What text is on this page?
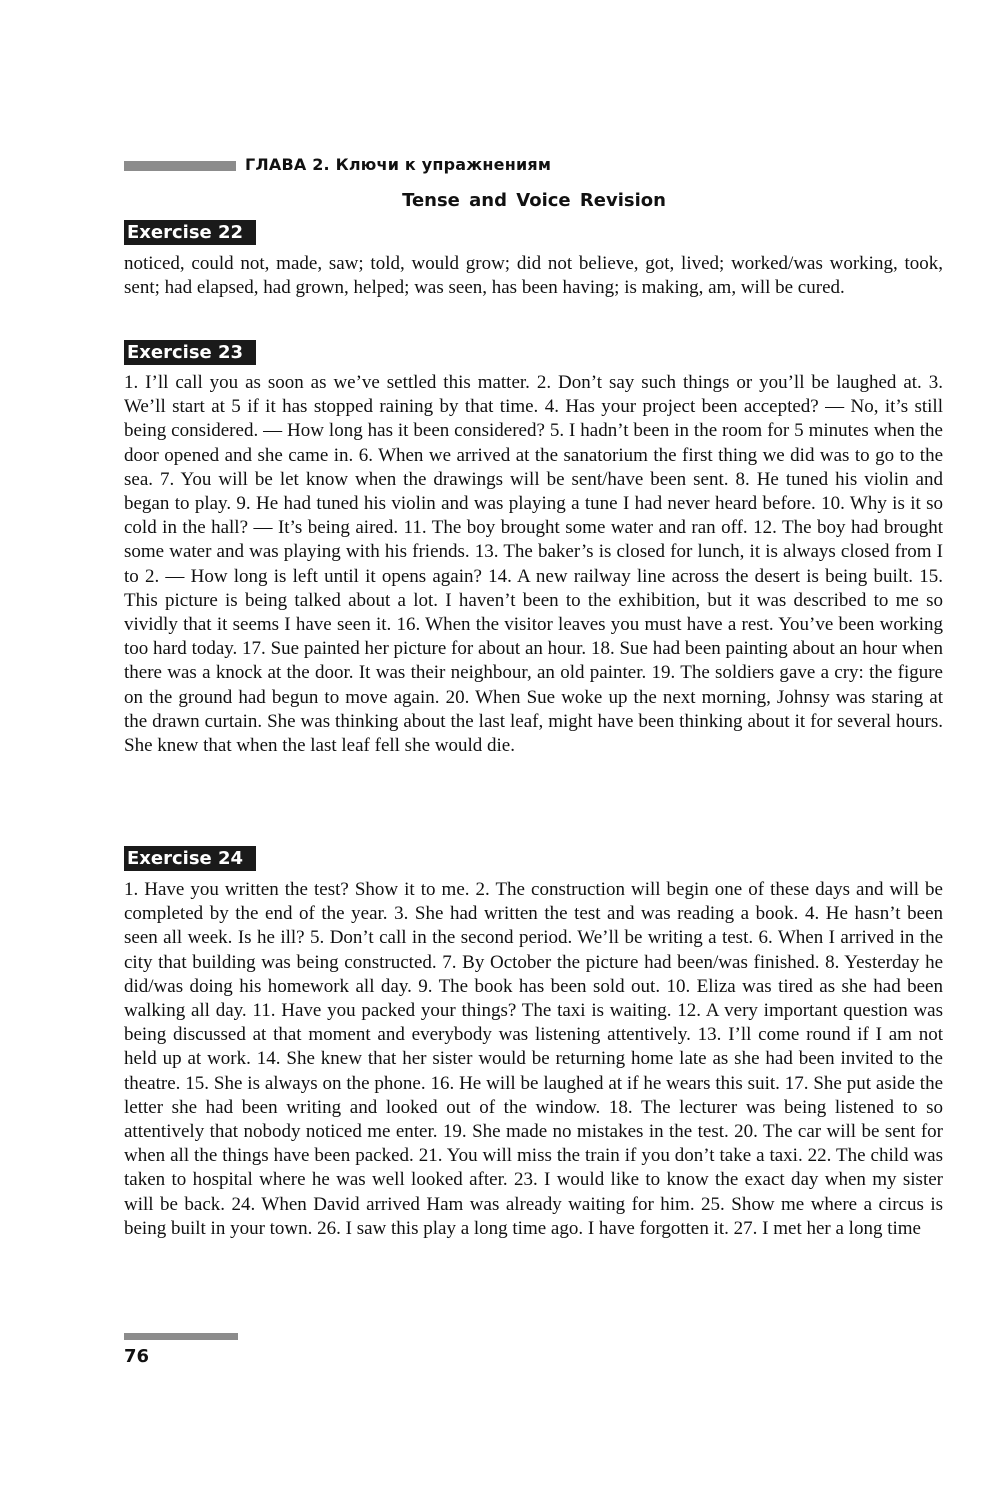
ГЛАВА 2. Ключи к упражнениям
Tense and Voice Revision
Exercise 22

noticed, could not, made, saw; told, would grow; did not believe, got, lived; worked/was working, took, sent; had elapsed, had grown, helped; was seen, has been having; is making, am, will be cured.

Exercise 23

1. I’ll call you as soon as we’ve settled this matter. 2. Don’t say such things or you’ll be laughed at. 3. We’ll start at 5 if it has stopped raining by that time. 4. Has your project been accepted? — No, it’s still being considered. — How long has it been considered? 5. I hadn’t been in the room for 5 minutes when the door opened and she came in. 6. When we arrived at the sanatorium the first thing we did was to go to the sea. 7. You will be let know when the drawings will be sent/have been sent. 8. He tuned his violin and began to play. 9. He had tuned his violin and was playing a tune I had never heard before. 10. Why is it so cold in the hall? — It’s being aired. 11. The boy brought some water and ran off. 12. The boy had brought some water and was playing with his friends. 13. The baker’s is closed for lunch, it is always closed from I to 2. — How long is left until it opens again? 14. A new railway line across the desert is being built. 15. This picture is being talked about a lot. I haven’t been to the exhibition, but it was described to me so vividly that it seems I have seen it. 16. When the visitor leaves you must have a rest. You’ve been working too hard today. 17. Sue painted her picture for about an hour. 18. Sue had been painting about an hour when there was a knock at the door. It was their neighbour, an old painter. 19. The soldiers gave a cry: the figure on the ground had begun to move again. 20. When Sue woke up the next morning, Johnsy was staring at the drawn curtain. She was thinking about the last leaf, might have been thinking about it for several hours. She knew that when the last leaf fell she would die.

Exercise 24

1. Have you written the test? Show it to me. 2. The construction will begin one of these days and will be completed by the end of the year. 3. She had written the test and was reading a book. 4. He hasn’t been seen all week. Is he ill? 5. Don’t call in the second period. We’ll be writing a test. 6. When I arrived in the city that building was being constructed. 7. By October the picture had been/was finished. 8. Yesterday he did/was doing his homework all day. 9. The book has been sold out. 10. Eliza was tired as she had been walking all day. 11. Have you packed your things? The taxi is waiting. 12. A very important question was being discussed at that moment and everybody was listening attentively. 13. I’ll come round if I am not held up at work. 14. She knew that her sister would be returning home late as she had been invited to the theatre. 15. She is always on the phone. 16. He will be laughed at if he wears this suit. 17. She put aside the letter she had been writing and looked out of the window. 18. The lecturer was being listened to so attentively that nobody noticed me enter. 19. She made no mistakes in the test. 20. The car will be sent for when all the things have been packed. 21. You will miss the train if you don’t take a taxi. 22. The child was taken to hospital where he was well looked after. 23. I would like to know the exact day when my sister will be back. 24. When David arrived Ham was already waiting for him. 25. Show me where a circus is being built in your town. 26. I saw this play a long time ago. I have forgotten it. 27. I met her a long time

76
